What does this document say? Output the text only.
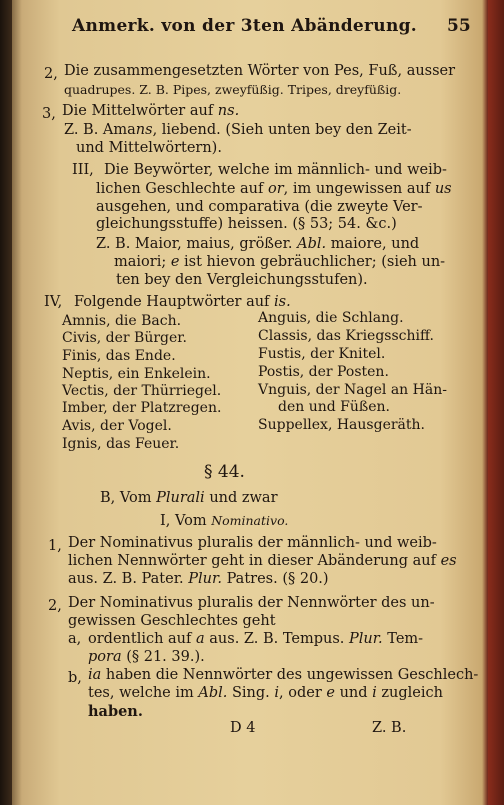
Anmerk. von der 3ten Abänderung. 55
2, Die zusammengesetzten Wörter von Pes, Fuß, ausser
quadrupes. Z. B. Pipes, zweyfüßig. Tripes, dreyfüßig.
3, Die Mittelwörter auf ns.
Z. B. Amans, liebend. (Sieh unten bey den Zeit-
und Mittelwörtern).
III, Die Beywörter, welche im männlich- und weib-
lichen Geschlechte auf or, im ungewissen auf us
ausgehen, und comparativa (die zweyte Ver-
gleichungsstuffe) heissen. (§ 53; 54. &c.)
Z. B. Maior, maius, größer. Abl. maiore, und
maiori; e ist hievon gebräuchlicher; (sieh un-
ten bey den Vergleichungsstufen).
IV, Folgende Hauptwörter auf is.
Amnis, die Bach.
Civis, der Bürger.
Finis, das Ende.
Neptis, ein Enkelein.
Vectis, der Thürriegel.
Imber, der Platzregen.
Avis, der Vogel.
Ignis, das Feuer.
Anguis, die Schlang.
Classis, das Kriegsschiff.
Fustis, der Knitel.
Postis, der Posten.
Vnguis, der Nagel an Hän-
den und Füßen.
Suppellex, Hausgeräth.
§ 44.
B, Vom Plurali und zwar
I, Vom Nominativo.
1, Der Nominativus pluralis der männlich- und weib-
lichen Nennwörter geht in dieser Abänderung auf es
aus. Z. B. Pater. Plur. Patres. (§ 20.)
2, Der Nominativus pluralis der Nennwörter des un-
gewissen Geschlechtes geht
a, ordentlich auf a aus. Z. B. Tempus. Plur. Tem-
pora (§ 21. 39.).
b, ia haben die Nennwörter des ungewissen Geschlech-
tes, welche im Abl. Sing. i, oder e und i zugleich
haben.
D 4	Z. B.
